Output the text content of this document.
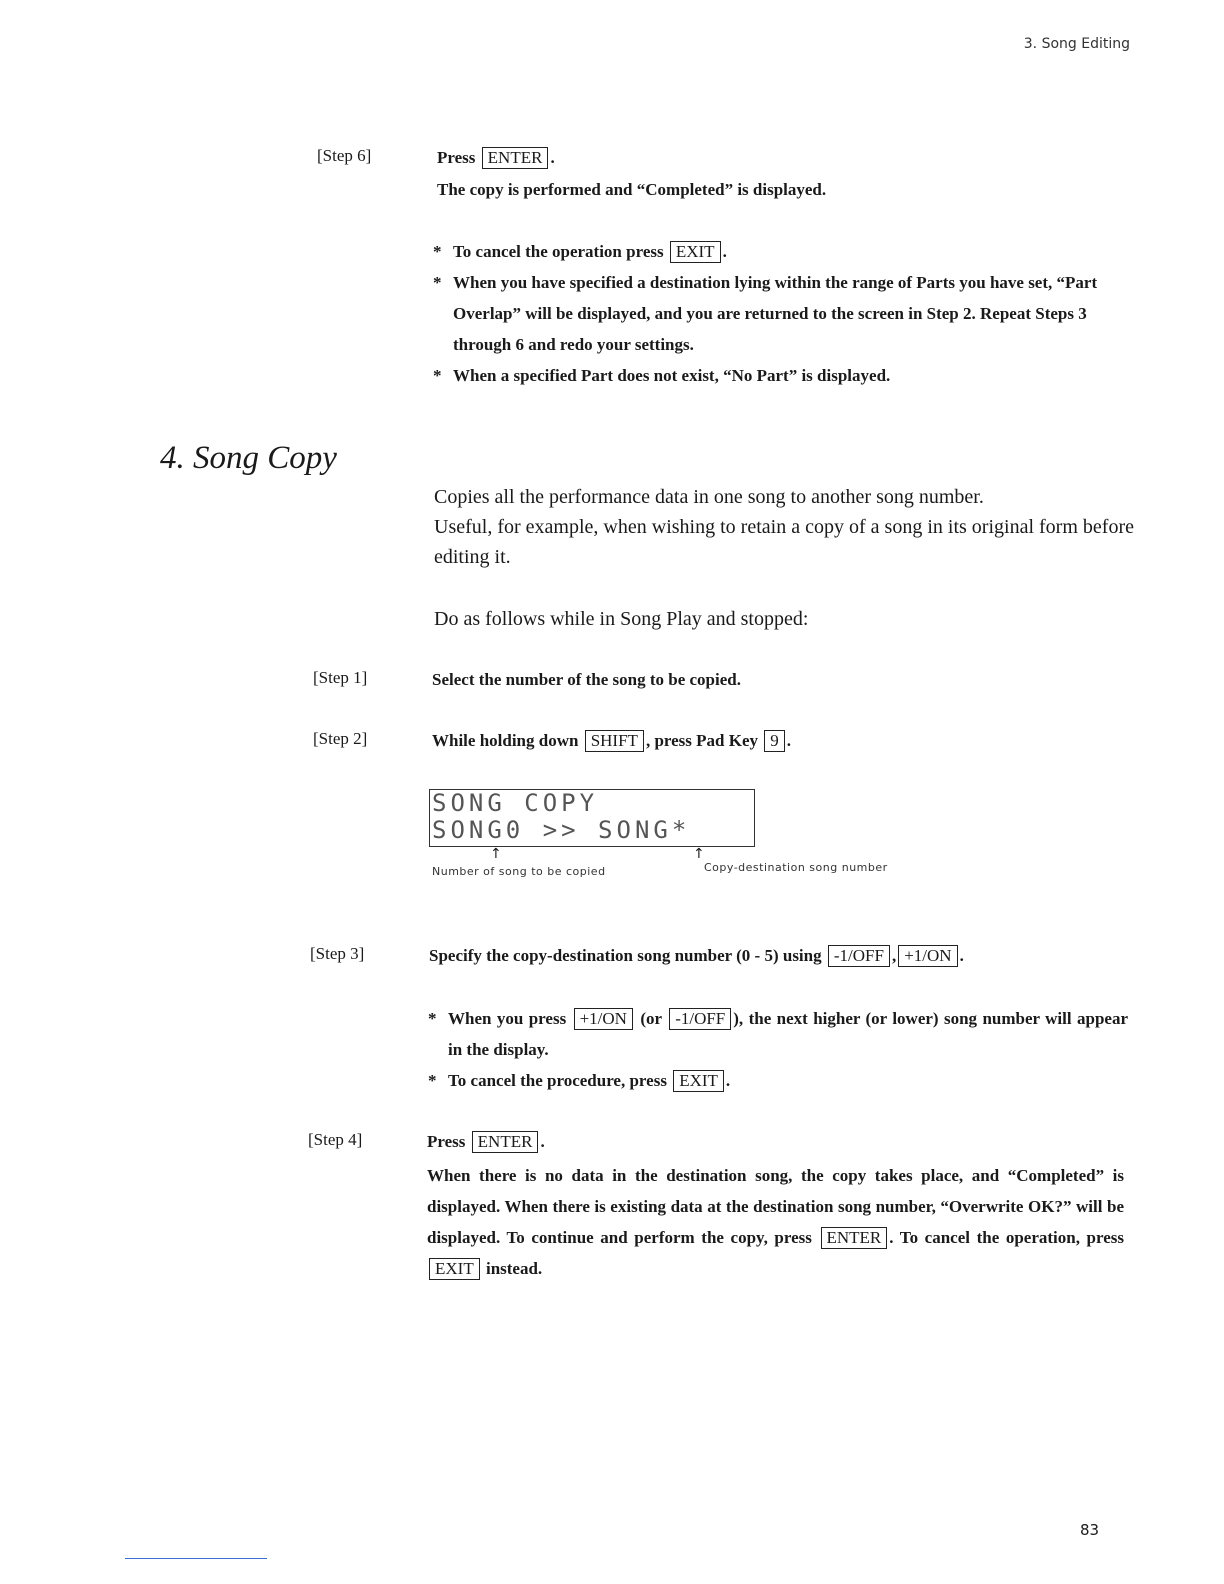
3. Song Editing
[Step 6]	Press ENTER .
The copy is performed and “Completed” is displayed.
* To cancel the operation press EXIT .
* When you have specified a destination lying within the range of Parts you have set, “Part Overlap” will be displayed, and you are returned to the screen in Step 2. Repeat Steps 3 through 6 and redo your settings.
* When a specified Part does not exist, “No Part” is displayed.
4. Song Copy
Copies all the performance data in one song to another song number.
Useful, for example, when wishing to retain a copy of a song in its original form before editing it.
Do as follows while in Song Play and stopped:
[Step 1]	Select the number of the song to be copied.
[Step 2]	While holding down SHIFT , press Pad Key 9 .
SONG COPY
SONG0 >> SONG*
↑	↑
Number of song to be copied	Copy-destination song number
[Step 3]	Specify the copy-destination song number (0 - 5) using -1/OFF , +1/ON .
* When you press +1/ON (or -1/OFF ), the next higher (or lower) song number will appear in the display.
* To cancel the procedure, press EXIT .
[Step 4]	Press ENTER .
When there is no data in the destination song, the copy takes place, and “Completed” is displayed. When there is existing data at the destination song number, “Overwrite OK?” will be displayed. To continue and perform the copy, press ENTER . To cancel the operation, press EXIT instead.
83
